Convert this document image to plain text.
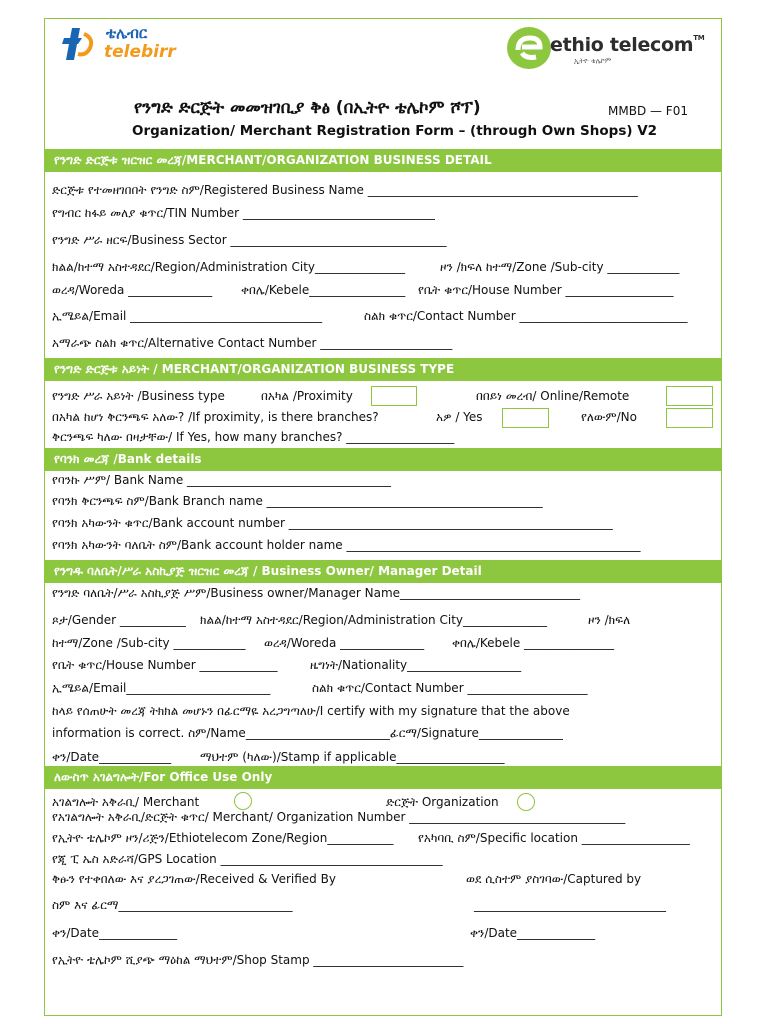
ቴሌብር
telebirr	ethio telecom™
ኢትዮ ቴሌኮም
የንግድ ድርጅት መመዝገቢያ ቅፅ (በኢትዮ ቴሌኮም ሾፕ)	MMBD — F01
Organization/ Merchant Registration Form – (through Own Shops) V2
የንግድ ድርጅቱ ዝርዝር መረጃ/MERCHANT/ORGANIZATION BUSINESS DETAIL
ድርጅቱ የተመዘገበበት የንግድ ስም/Registered Business Name _____________________________________________
የግብር ከፋይ መለያ ቁጥር/TIN Number ________________________________
የንግድ ሥራ ዘርፍ/Business Sector ____________________________________
ክልል/ከተማ አስተዳደር/Region/Administration City_______________	ዞን /ክፍለ ከተማ/Zone /Sub-city ____________
ወረዳ/Woreda ______________ ቀበሌ/Kebele________________ የቤት ቁጥር/House Number __________________
ኢሜይል/Email ________________________________	ስልክ ቁጥር/Contact Number ____________________________
አማራጭ ስልክ ቁጥር/Alternative Contact Number ______________________
የንግድ ድርጅቱ አይነት / MERCHANT/ORGANIZATION BUSINESS TYPE
የንግድ ሥራ አይነት /Business type	በአካል /Proximity	በበይነ መረብ/ Online/Remote
በአካል ከሆነ ቅርንጫፍ አለው? /If proximity, is there branches?	አዎ / Yes	የለውም/No
ቅርንጫፍ ካለው በዛታቸው/ If Yes, how many branches? __________________
የባንክ መረጃ /Bank details
የባንኩ ሥም/ Bank Name __________________________________
የባንክ ቅርንጫፍ ስም/Bank Branch name ______________________________________________
የባንክ አካውንት ቁጥር/Bank account number ______________________________________________________
የባንክ አካውንት ባለቤት ስም/Bank account holder name _________________________________________________
የንግዱ ባለቤት/ሥራ አስኪያጅ ዝርዝር መረጃ / Business Owner/ Manager Detail
የንግድ ባለቤት/ሥራ አስኪያጅ ሥም/Business owner/Manager Name______________________________
ጾታ/Gender ___________ ክልል/ከተማ አስተዳደር/Region/Administration City______________	ዞን /ክፍለ
ከተማ/Zone /Sub-city ____________ ወረዳ/Woreda ______________ ቀበሌ/Kebele _______________
የቤት ቁጥር/House Number _____________	ዜግነት/Nationality___________________
ኢሜይል/Email________________________	ስልክ ቁጥር/Contact Number ____________________
ከላይ የሰጠሁት መረጃ ትክክል መሆኑን በፊርማዬ አረጋግጣለሁ/I certify with my signature that the above
information is correct. ስም/Name________________________ፊርማ/Signature______________
ቀን/Date____________ ማህተም (ካለው)/Stamp if applicable__________________
ለውስጥ አገልግሎት/For Office Use Only
አገልግሎት አቅራቢ/ Merchant	ድርጅት Organization
የአገልግሎት አቅራቢ/ድርጅት ቁጥር/ Merchant/ Organization Number ____________________________________
የኢትዮ ቴሌኮም ዞን/ሪጅን/Ethiotelecom Zone/Region___________ የአካባቢ ስም/Specific location __________________
የጂ ፒ ኤስ አድራሻ/GPS Location _____________________________________
ቅፁን የተቀበለው እና ያረጋገጠው/Received & Verified By	ወደ ሲስተም ያስገባው/Captured by
ስም እና ፊርማ_____________________________	________________________________
ቀን/Date_____________	ቀን/Date_____________
የኢትዮ ቴሌኮም ሺያጭ ማዕከል ማህተም/Shop Stamp _________________________
